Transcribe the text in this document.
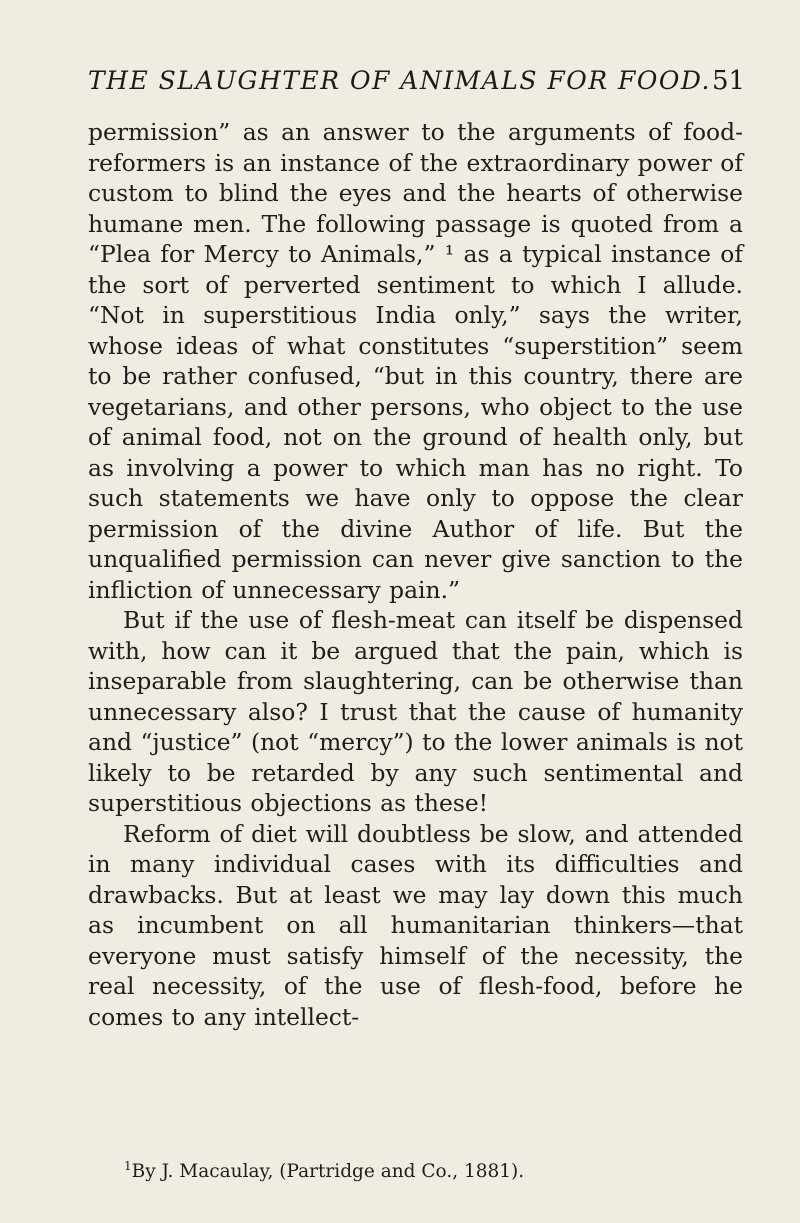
THE SLAUGHTER OF ANIMALS FOR FOOD. 51

permission” as an answer to the arguments of food-reformers is an instance of the extraordinary power of custom to blind the eyes and the hearts of otherwise humane men. The following passage is quoted from a “Plea for Mercy to Animals,” ¹ as a typical instance of the sort of perverted sentiment to which I allude. “Not in superstitious India only,” says the writer, whose ideas of what constitutes “superstition” seem to be rather confused, “but in this country, there are vegetarians, and other persons, who object to the use of animal food, not on the ground of health only, but as involving a power to which man has no right. To such statements we have only to oppose the clear permission of the divine Author of life. But the unqualified permission can never give sanction to the infliction of unnecessary pain.”

But if the use of flesh-meat can itself be dispensed with, how can it be argued that the pain, which is inseparable from slaughtering, can be otherwise than unnecessary also? I trust that the cause of humanity and “justice” (not “mercy”) to the lower animals is not likely to be retarded by any such sentimental and superstitious objections as these!

Reform of diet will doubtless be slow, and attended in many individual cases with its difficulties and drawbacks. But at least we may lay down this much as incumbent on all humanitarian thinkers—that everyone must satisfy himself of the necessity, the real necessity, of the use of flesh-food, before he comes to any intellect-

$^1$By J. Macaulay, (Partridge and Co., 1881).
